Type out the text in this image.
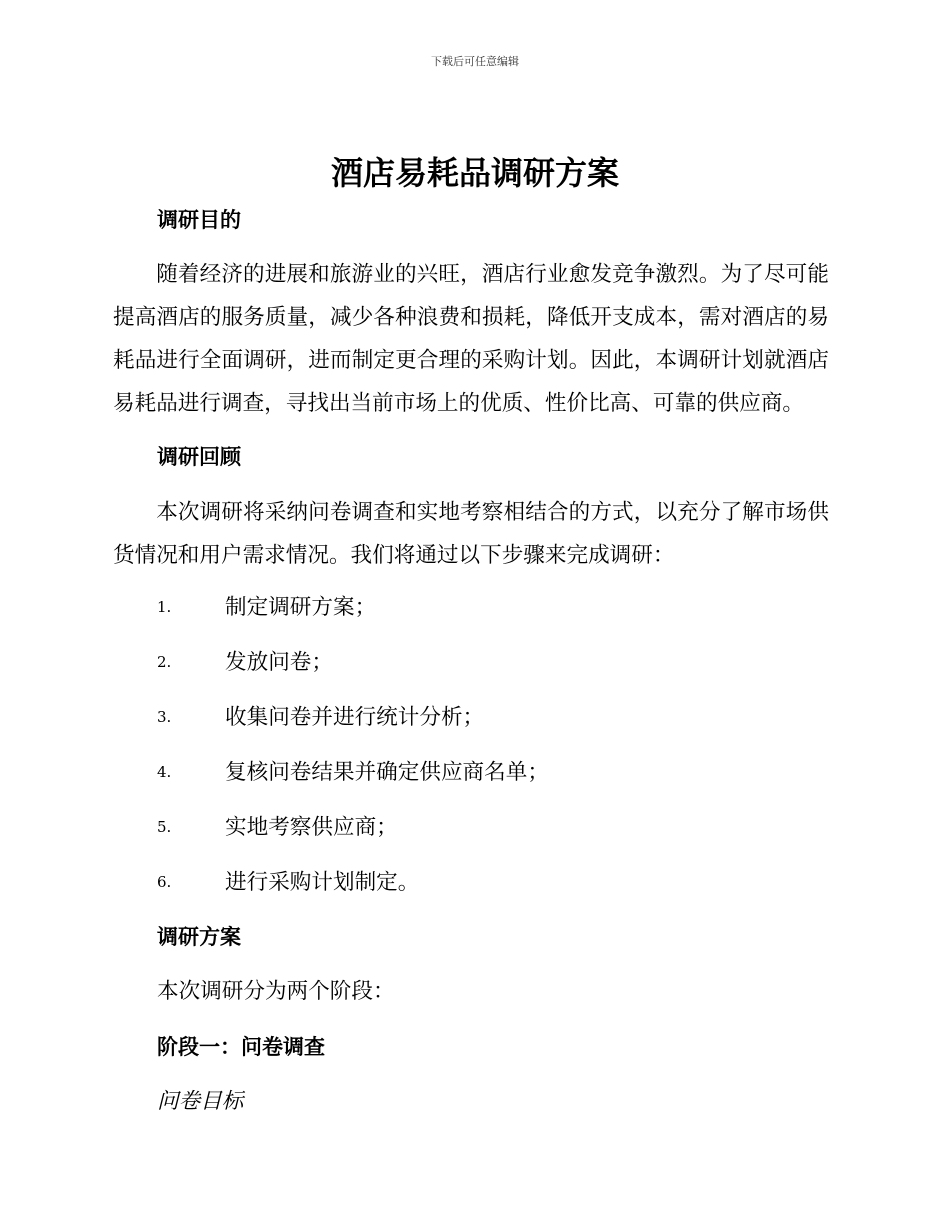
下载后可任意编辑
酒店易耗品调研方案
调研目的

随着经济的进展和旅游业的兴旺，酒店行业愈发竞争激烈。为了尽可能提高酒店的服务质量，减少各种浪费和损耗，降低开支成本，需对酒店的易耗品进行全面调研，进而制定更合理的采购计划。因此，本调研计划就酒店易耗品进行调查，寻找出当前市场上的优质、性价比高、可靠的供应商。

调研回顾

本次调研将采纳问卷调查和实地考察相结合的方式，以充分了解市场供货情况和用户需求情况。我们将通过以下步骤来完成调研：

1.	制定调研方案；
2.	发放问卷；
3.	收集问卷并进行统计分析；
4.	复核问卷结果并确定供应商名单；
5.	实地考察供应商；
6.	进行采购计划制定。
调研方案

本次调研分为两个阶段：

阶段一：问卷调查

问卷目标
